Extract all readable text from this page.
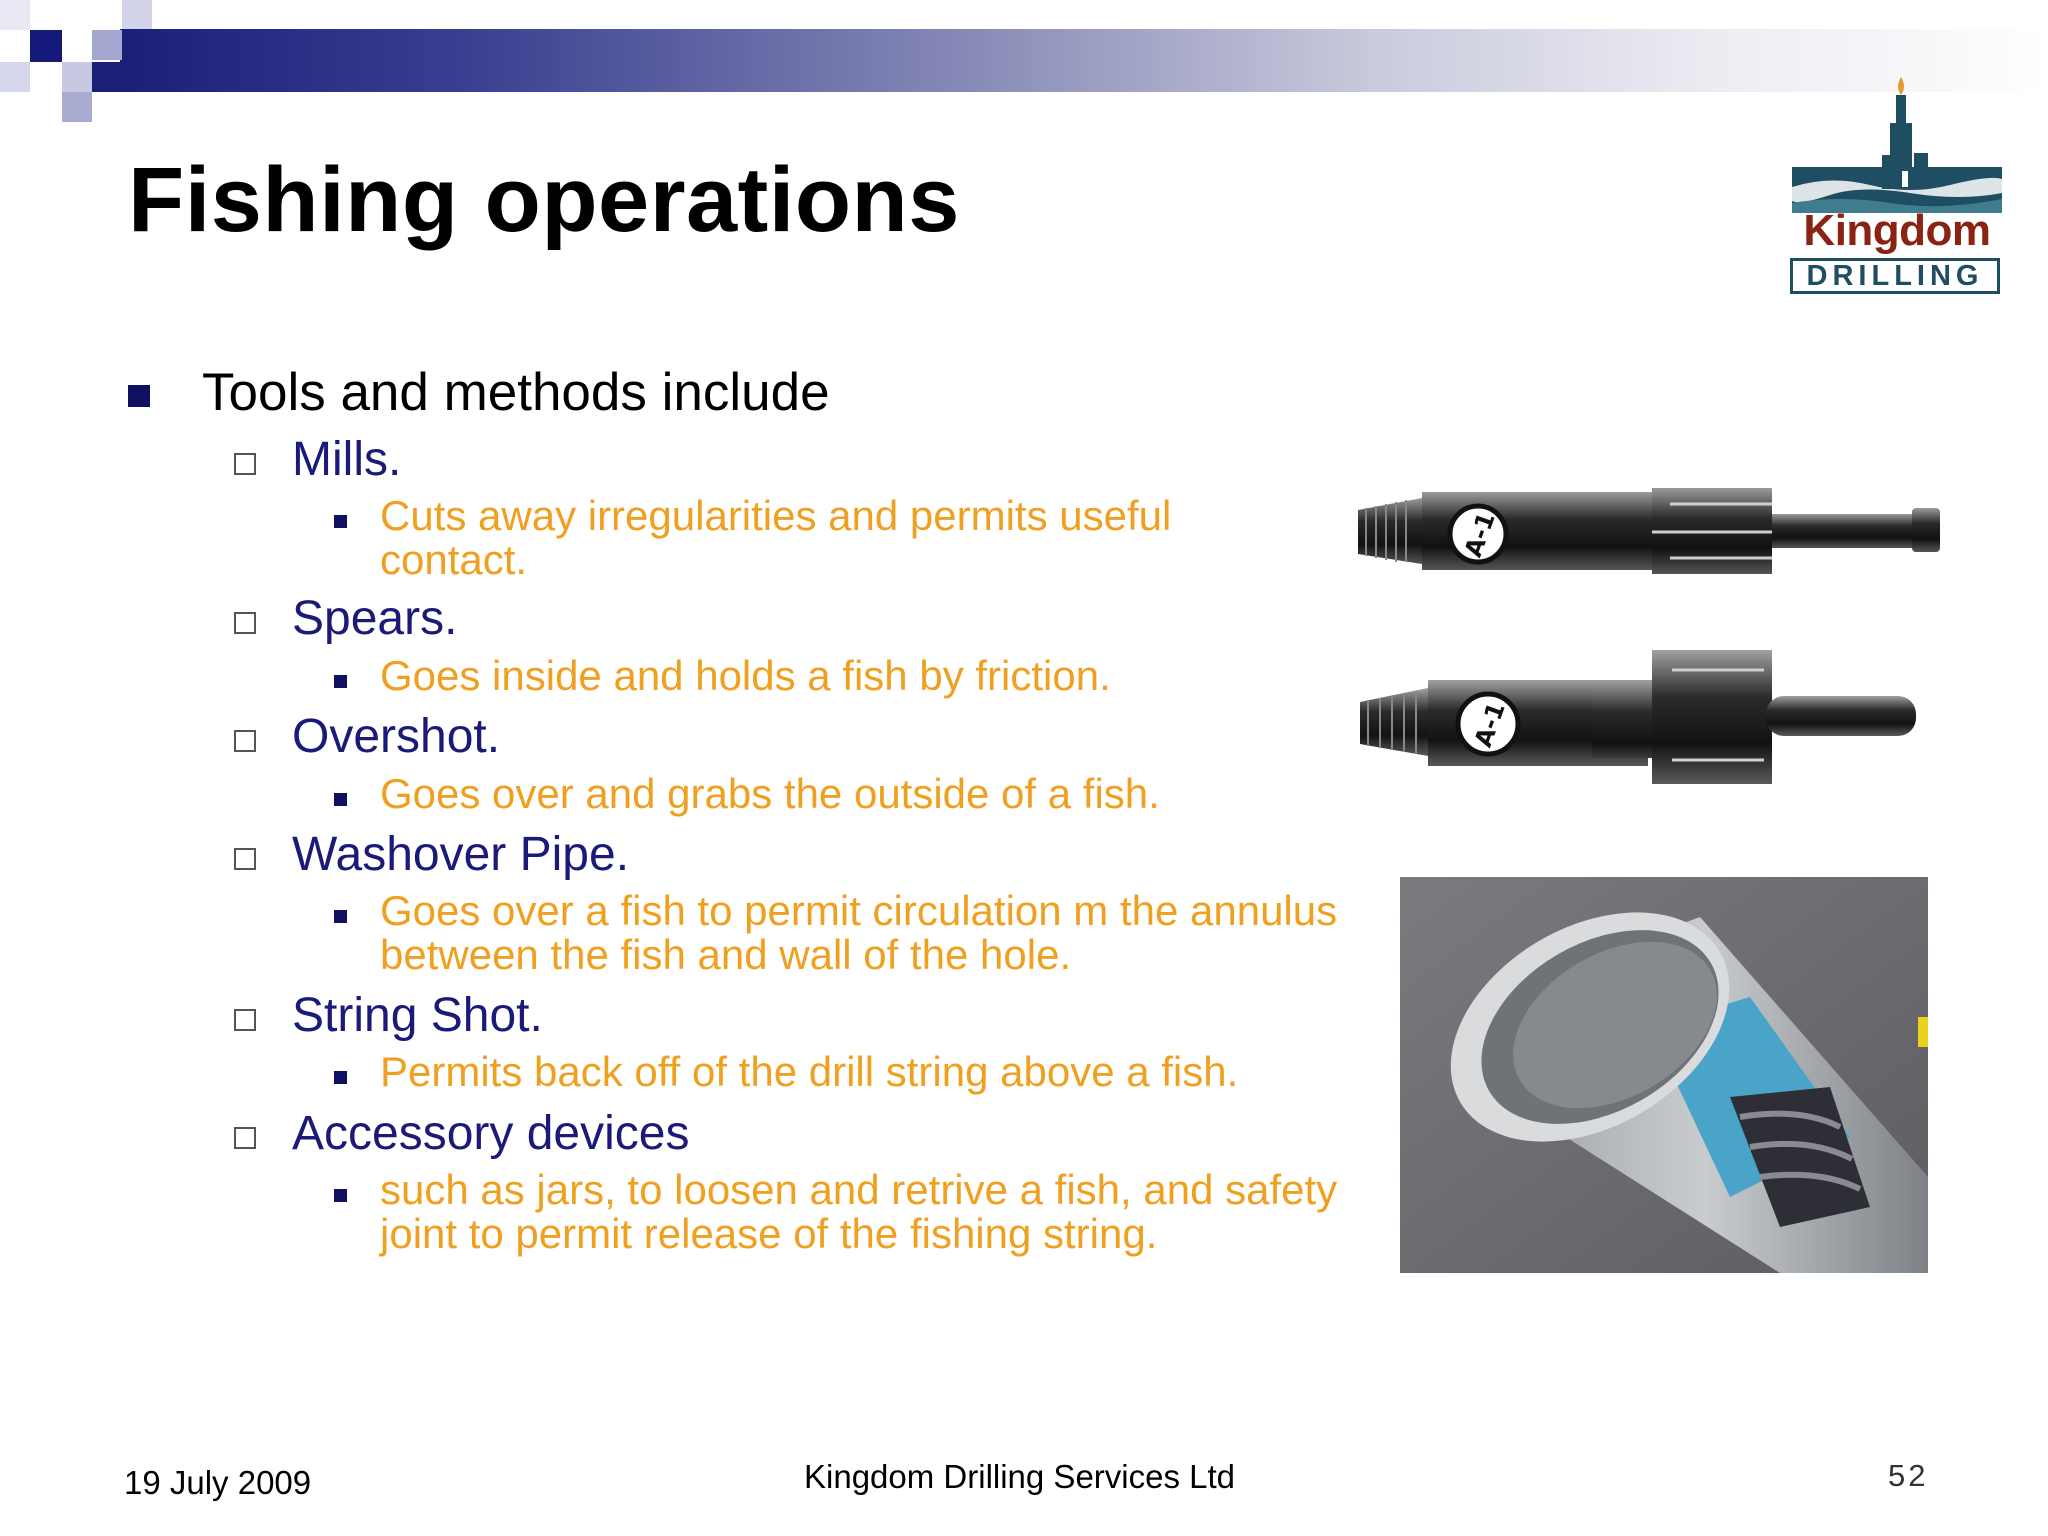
Fishing operations	Kingdom
DRILLING
Tools and methods include
Mills.
Cuts away irregularities and permits useful contact.
Spears.
Goes inside and holds a fish by friction.
Overshot.
Goes over and grabs the outside of a fish.
Washover Pipe.
Goes over a fish to permit circulation m the annulus between the fish and wall of the hole.
String Shot.
Permits back off of the drill string above a fish.
Accessory devices
such as jars, to loosen and retrive a fish, and safety joint to permit release of the fishing string.
A-1
A-1
19 July 2009	Kingdom Drilling Services Ltd	52
